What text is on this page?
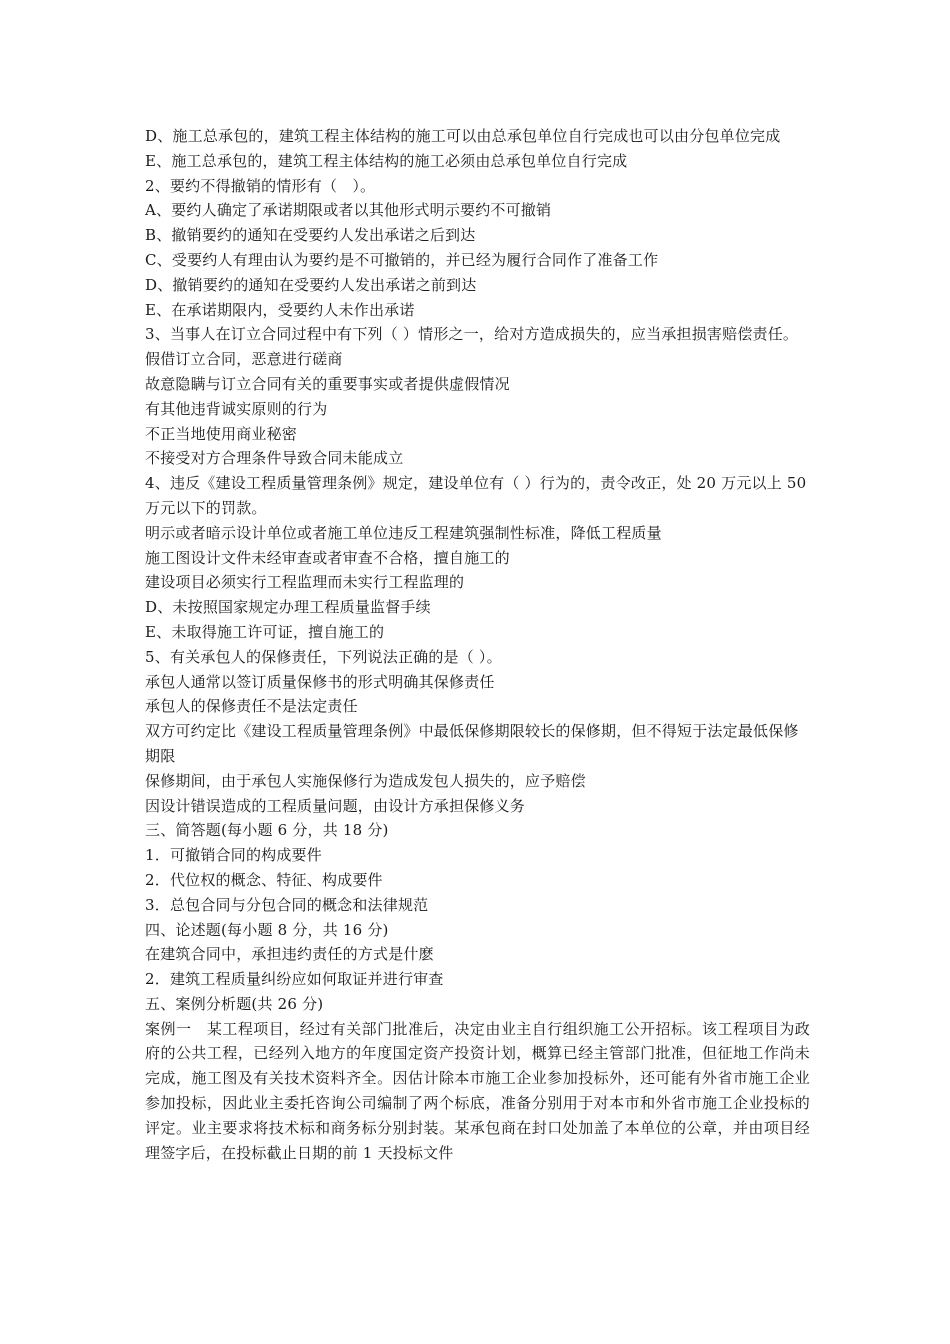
D、施工总承包的，建筑工程主体结构的施工可以由总承包单位自行完成也可以由分包单位完成

E、施工总承包的，建筑工程主体结构的施工必须由总承包单位自行完成

2、要约不得撤销的情形有（　）。

A、要约人确定了承诺期限或者以其他形式明示要约不可撤销

B、撤销要约的通知在受要约人发出承诺之后到达

C、受要约人有理由认为要约是不可撤销的，并已经为履行合同作了准备工作

D、撤销要约的通知在受要约人发出承诺之前到达

E、在承诺期限内，受要约人未作出承诺

3、当事人在订立合同过程中有下列（ ）情形之一，给对方造成损失的，应当承担损害赔偿责任。

假借订立合同，恶意进行磋商

故意隐瞒与订立合同有关的重要事实或者提供虚假情况

有其他违背诚实原则的行为

不正当地使用商业秘密

不接受对方合理条件导致合同未能成立

4、违反《建设工程质量管理条例》规定，建设单位有（ ）行为的，责令改正，处 20 万元以上 50 万元以下的罚款。

明示或者暗示设计单位或者施工单位违反工程建筑强制性标准，降低工程质量

施工图设计文件未经审查或者审查不合格，擅自施工的

建设项目必须实行工程监理而未实行工程监理的

D、未按照国家规定办理工程质量监督手续

E、未取得施工许可证，擅自施工的

5、有关承包人的保修责任，下列说法正确的是（ ）。

承包人通常以签订质量保修书的形式明确其保修责任

承包人的保修责任不是法定责任

双方可约定比《建设工程质量管理条例》中最低保修期限较长的保修期，但不得短于法定最低保修期限

保修期间，由于承包人实施保修行为造成发包人损失的，应予赔偿

因设计错误造成的工程质量问题，由设计方承担保修义务

三、简答题(每小题 6 分，共 18 分)

1．可撤销合同的构成要件

2．代位权的概念、特征、构成要件

3．总包合同与分包合同的概念和法律规范

四、论述题(每小题 8 分，共 16 分)

在建筑合同中，承担违约责任的方式是什麽

2．建筑工程质量纠纷应如何取证并进行审查

五、案例分析题(共 26 分)

案例一　某工程项目，经过有关部门批准后，决定由业主自行组织施工公开招标。该工程项目为政府的公共工程，已经列入地方的年度国定资产投资计划，概算已经主管部门批准，但征地工作尚未完成，施工图及有关技术资料齐全。因估计除本市施工企业参加投标外，还可能有外省市施工企业参加投标，因此业主委托咨询公司编制了两个标底，准备分别用于对本市和外省市施工企业投标的评定。业主要求将技术标和商务标分别封装。某承包商在封口处加盖了本单位的公章，并由项目经理签字后，在投标截止日期的前 1 天投标文件
